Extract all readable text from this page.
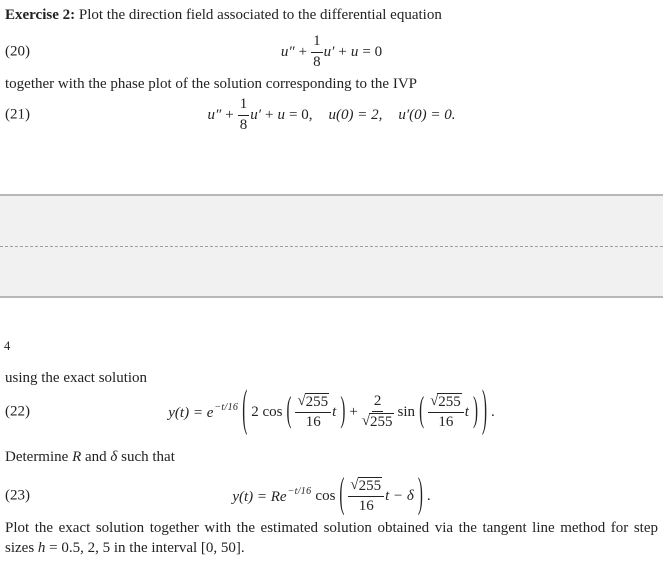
Exercise 2: Plot the direction field associated to the differential equation

(20)	$u'' + \frac{1}{8} u' + u = 0$

together with the phase plot of the solution corresponding to the IVP

(21)	$u'' + \frac{1}{8} u' + u = 0$, u(0) = 2, u′(0) = 0.

4

using the exact solution

(22)	$y(t) = e^{-t/16}$ ( 2 cos ( $\frac{√ 255}{16}$ t ) + $\frac{2}{√ 255}$ sin ( $\frac{√ 255}{16}$ t ) ) .

Determine R and δ such that

(23)	$y(t) = Re^{-t/16}$ cos ( $\frac{√ 255}{16}$ t − δ ) .

Plot the exact solution together with the estimated solution obtained via the tangent line method for step sizes h = 0.5, 2, 5 in the interval [0, 50].
